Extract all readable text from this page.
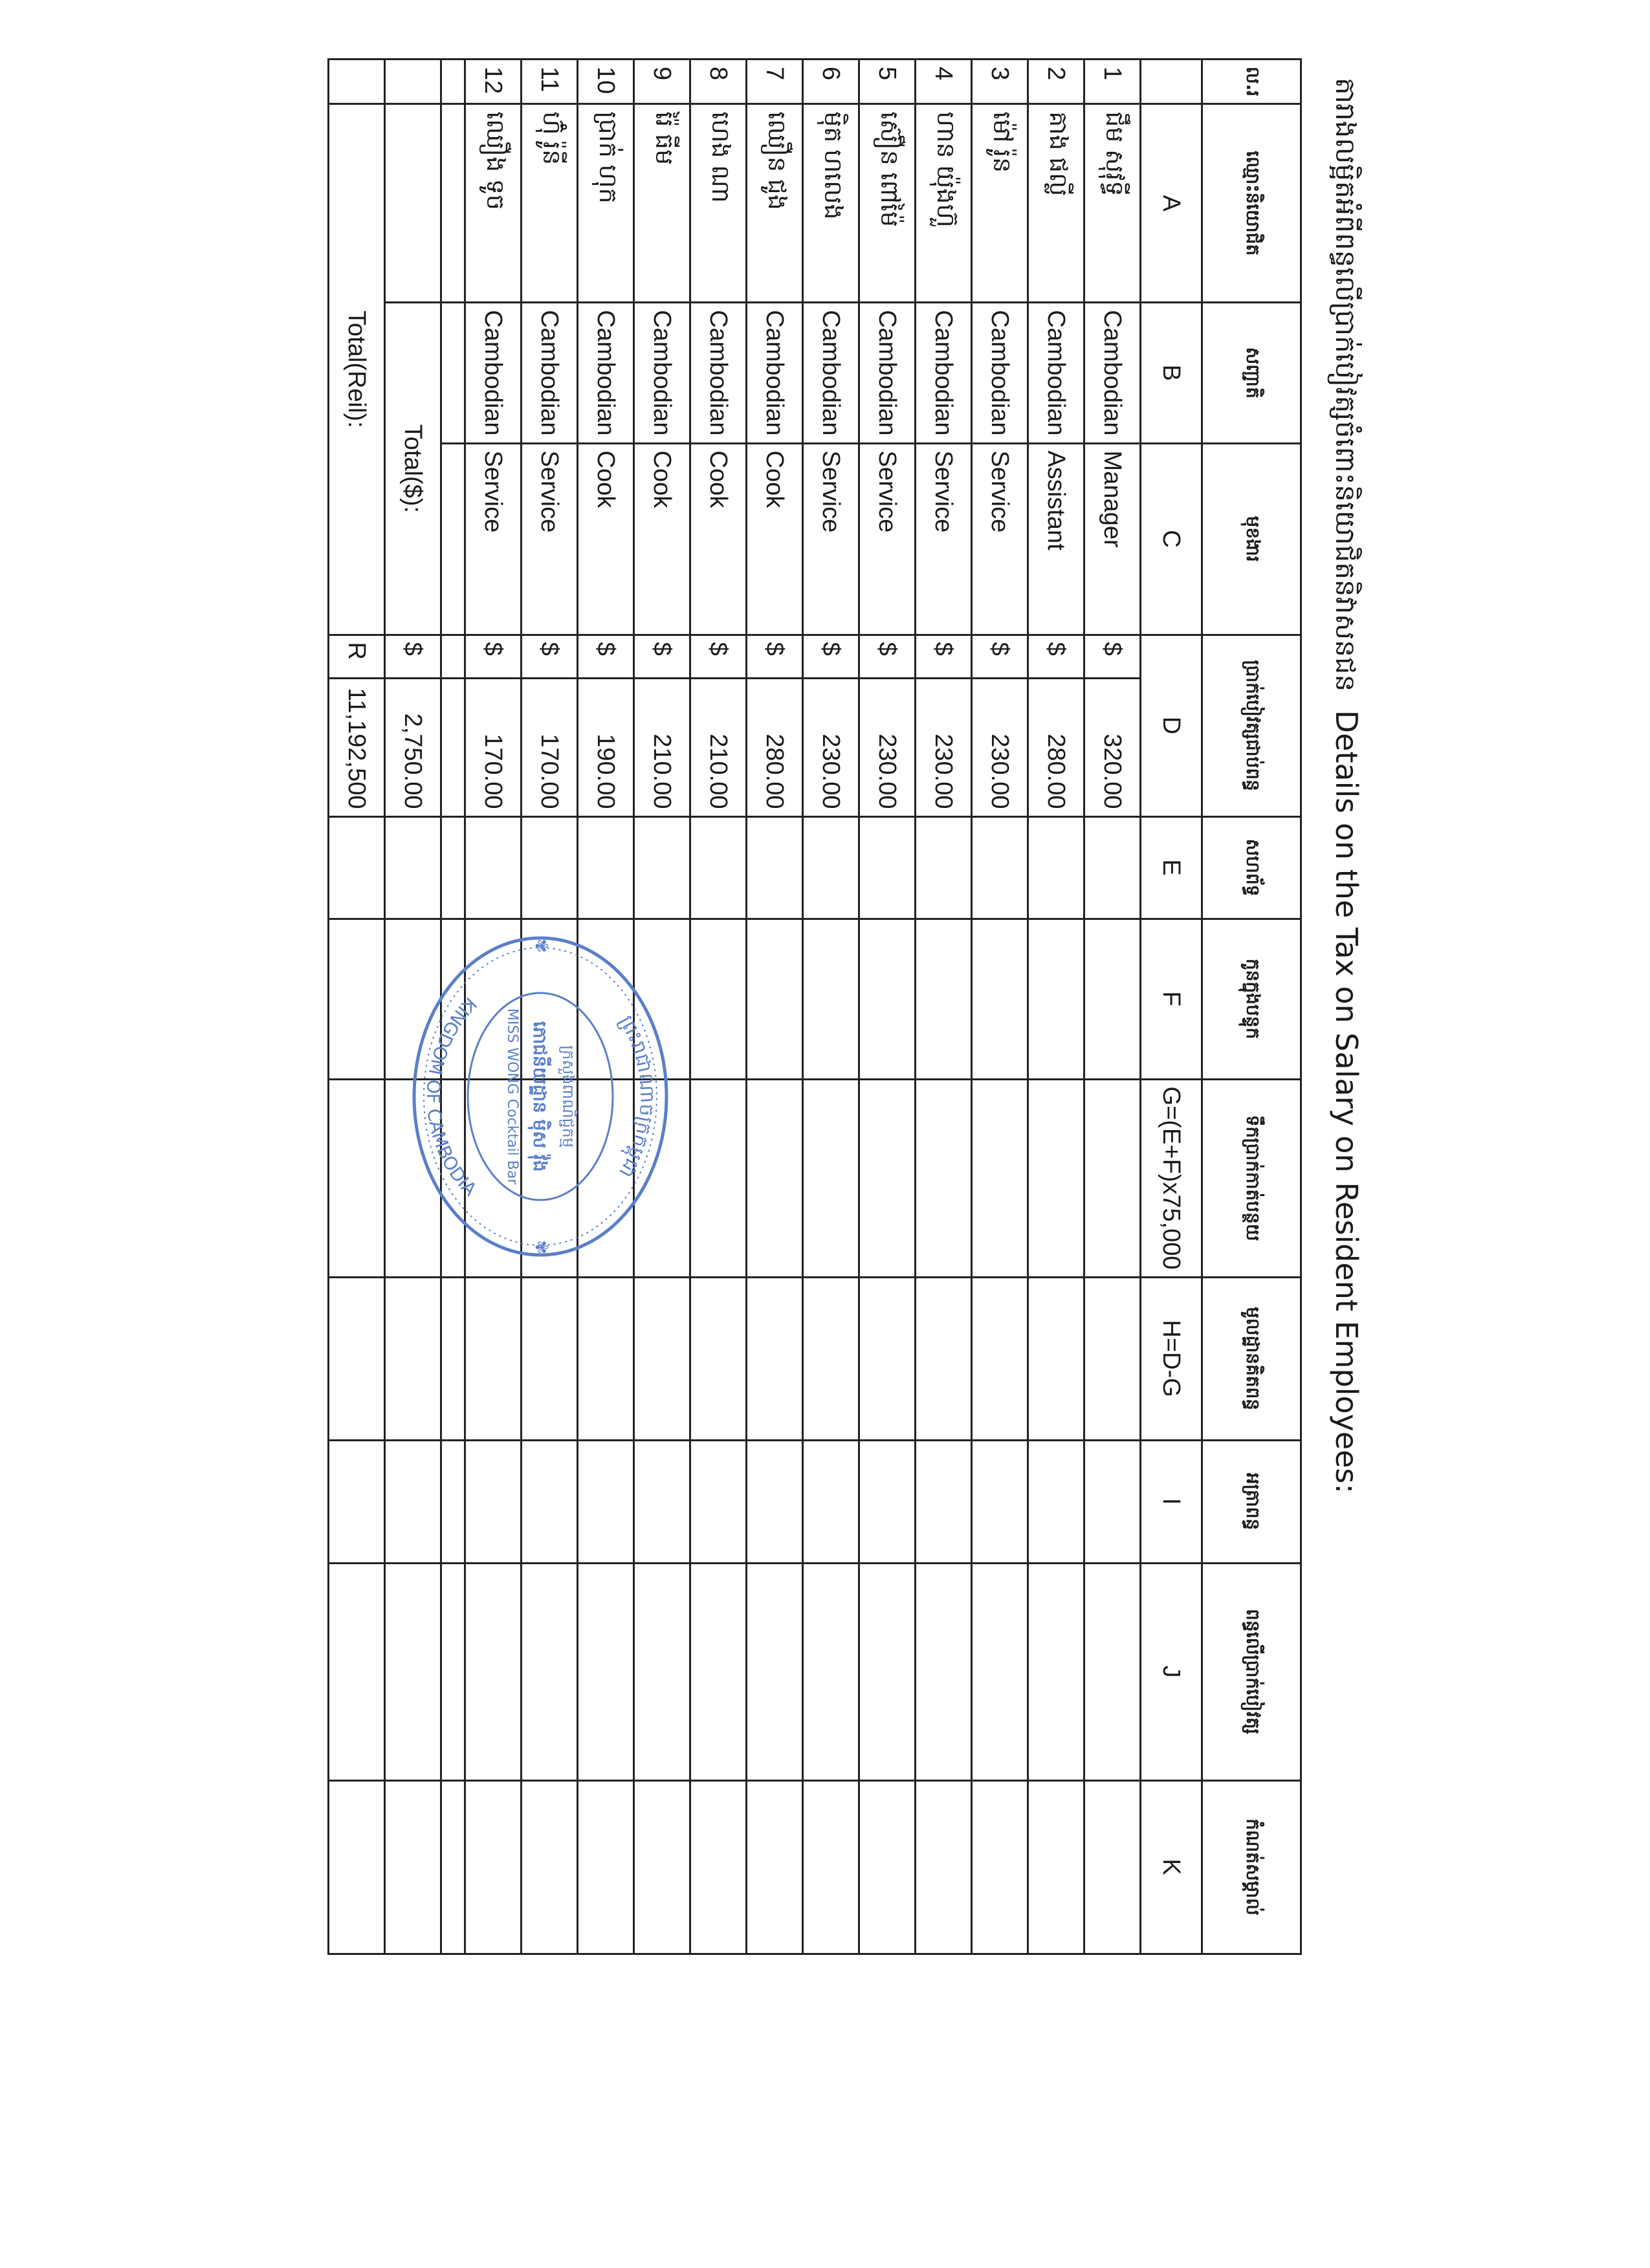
តារាងលម្អិតអំពីពន្ធលើប្រាក់បៀវត្សចំពោះនិយោជិតនិវាសនជន Details on the Tax on Salary on Resident Employees:
ល.រ	ឈ្មោះនិយោជិត	សញ្ជាតិ	មុខងារ	ប្រាក់បៀវត្សជាប់ពន្ធ		សហព័ទ្ធ	កូនក្នុងបន្ទុក	ទឹកប្រាក់កាត់បន្ថយ	មូលដ្ឋានគិតពន្ធ	អត្រាពន្ធ	ពន្ធលើប្រាក់បៀវត្ស	កំណត់សម្គាល់
	A	B	C	D		E	F	G=(E+F)x75,000	H=D-G	I	J	K
1	ជឹម សុវុទ្ធី	Cambodian	Manager	$	320.00							
2	គាង ផល្លី	Cambodian	Assistant	$	280.00							
3	ម៉ៅ រ៉ូន	Cambodian	Service	$	230.00							
4	ហាន យ៉ុងហ៊ួ	Cambodian	Service	$	230.00							
5	ស៊ឿន ពៅម៉ៃ	Cambodian	Service	$	230.00							
6	ម៉ិត ហលេង	Cambodian	Service	$	230.00							
7	ឈឿន ជូង	Cambodian	Cook	$	280.00							
8	ហេង ណា	Cambodian	Cook	$	210.00							
9	រ៉ៃ ធីម	Cambodian	Cook	$	210.00							
10	ប្រាក់ ហុក	Cambodian	Cook	$	190.00							
11	ហ៊ុំ រ៉ូនី	Cambodian	Service	$	170.00							
12	ឈឿង ទូច	Cambodian	Service	$	170.00							

		Total($):		$	2,750.00							
	Total(Reil):			R	11,192,500							
ព្រះរាជាណាចក្រកម្ពុជា
KINGDOM OF CAMBODIA
ក្រសួងពាណិជ្ជកម្ម
ភោជនីយដ្ឋាន ម៉ិស វ៉ុង
MISS WONG Cocktail Bar
✾
✾
